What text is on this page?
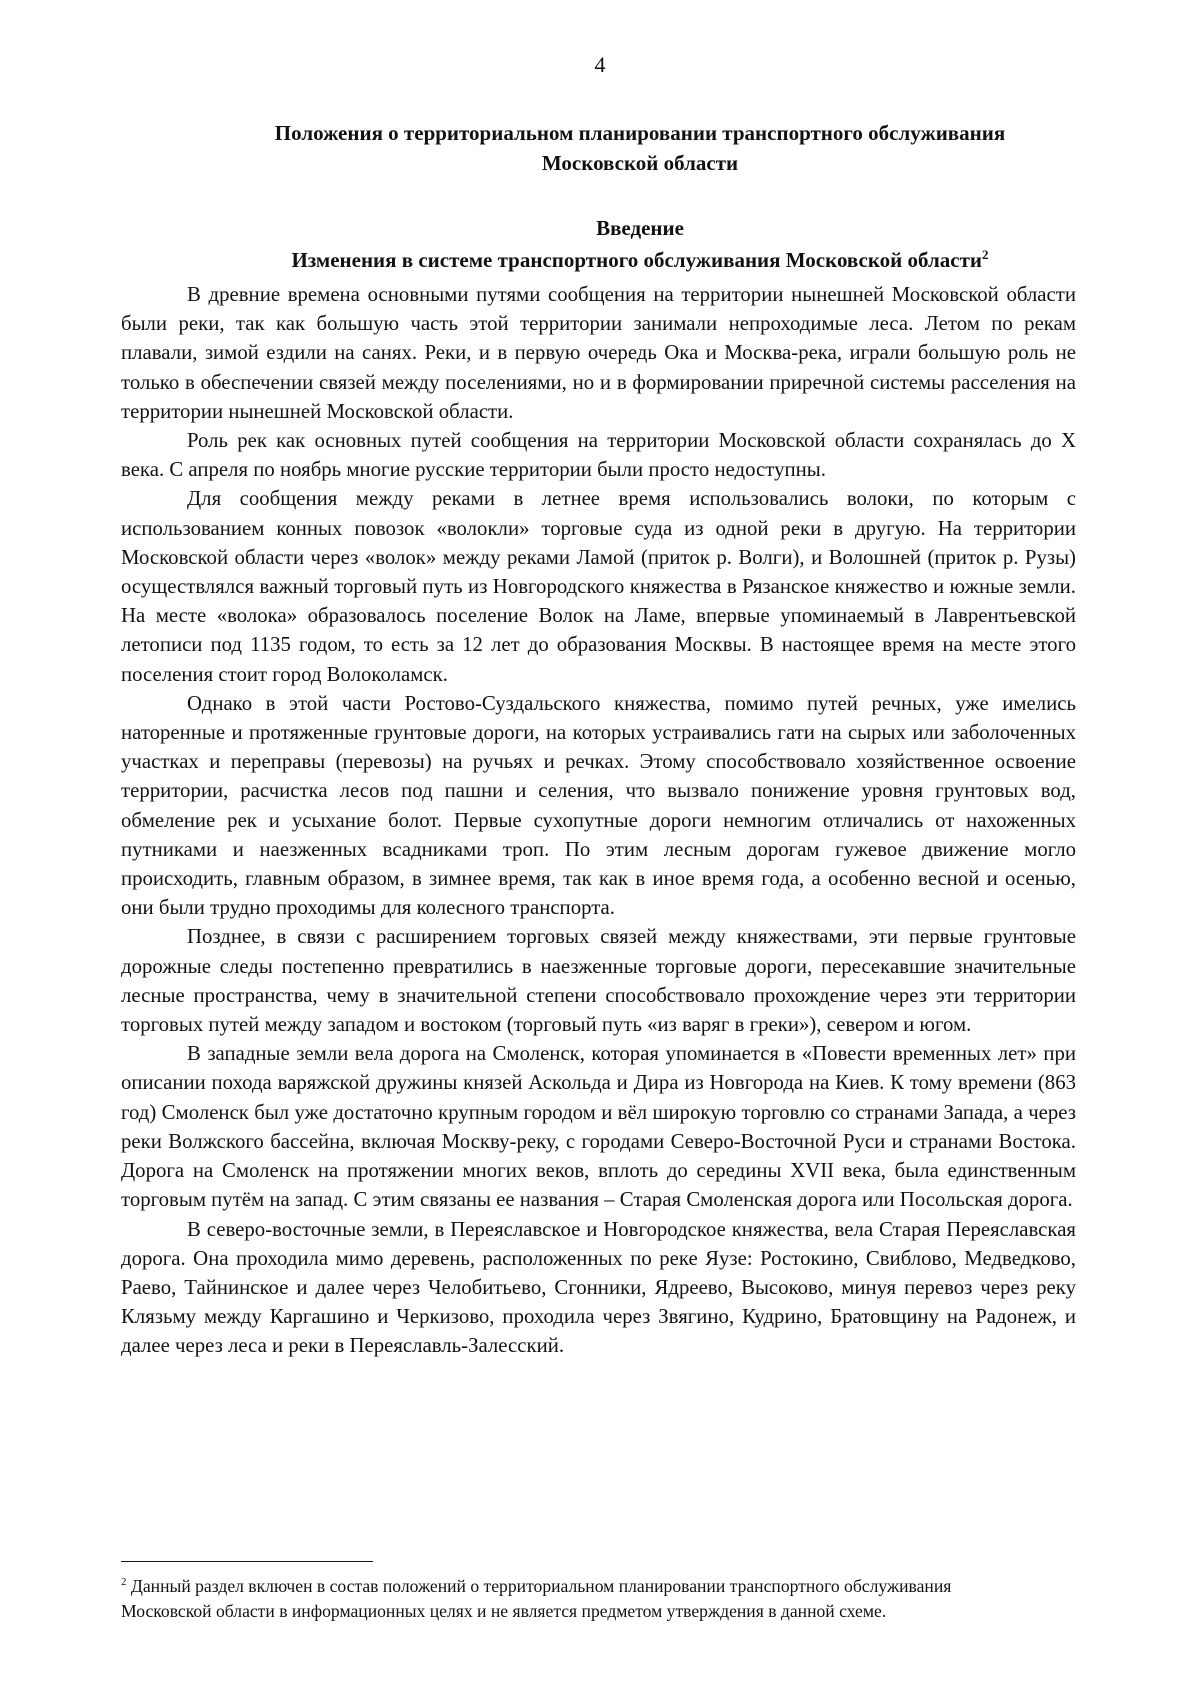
4
Положения о территориальном планировании транспортного обслуживания
Московской области
Введение
Изменения в системе транспортного обслуживания Московской области$^2$

В древние времена основными путями сообщения на территории нынешней Московской области были реки, так как большую часть этой территории занимали непроходимые леса. Летом по рекам плавали, зимой ездили на санях. Реки, и в первую очередь Ока и Москва-река, играли большую роль не только в обеспечении связей между поселениями, но и в формировании приречной системы расселения на территории нынешней Московской области.

Роль рек как основных путей сообщения на территории Московской области сохранялась до X века. С апреля по ноябрь многие русские территории были просто недоступны.

Для сообщения между реками в летнее время использовались волоки, по которым с использованием конных повозок «волокли» торговые суда из одной реки в другую. На территории Московской области через «волок» между реками Ламой (приток р. Волги), и Волошней (приток р. Рузы) осуществлялся важный торговый путь из Новгородского княжества в Рязанское княжество и южные земли. На месте «волока» образовалось поселение Волок на Ламе, впервые упоминаемый в Лаврентьевской летописи под 1135 годом, то есть за 12 лет до образования Москвы. В настоящее время на месте этого поселения стоит город Волоколамск.

Однако в этой части Ростово-Суздальского княжества, помимо путей речных, уже имелись наторенные и протяженные грунтовые дороги, на которых устраивались гати на сырых или заболоченных участках и переправы (перевозы) на ручьях и речках. Этому способствовало хозяйственное освоение территории, расчистка лесов под пашни и селения, что вызвало понижение уровня грунтовых вод, обмеление рек и усыхание болот. Первые сухопутные дороги немногим отличались от нахоженных путниками и наезженных всадниками троп. По этим лесным дорогам гужевое движение могло происходить, главным образом, в зимнее время, так как в иное время года, а особенно весной и осенью, они были трудно проходимы для колесного транспорта.

Позднее, в связи с расширением торговых связей между княжествами, эти первые грунтовые дорожные следы постепенно превратились в наезженные торговые дороги, пересекавшие значительные лесные пространства, чему в значительной степени способствовало прохождение через эти территории торговых путей между западом и востоком (торговый путь «из варяг в греки»), севером и югом.

В западные земли вела дорога на Смоленск, которая упоминается в «Повести временных лет» при описании похода варяжской дружины князей Аскольда и Дира из Новгорода на Киев. К тому времени (863 год) Смоленск был уже достаточно крупным городом и вёл широкую торговлю со странами Запада, а через реки Волжского бассейна, включая Москву-реку, с городами Северо-Восточной Руси и странами Востока. Дорога на Смоленск на протяжении многих веков, вплоть до середины XVII века, была единственным торговым путём на запад. С этим связаны ее названия – Старая Смоленская дорога или Посольская дорога.

В северо-восточные земли, в Переяславское и Новгородское княжества, вела Старая Переяславская дорога. Она проходила мимо деревень, расположенных по реке Яузе: Ростокино, Свиблово, Медведково, Раево, Тайнинское и далее через Челобитьево, Сгонники, Ядреево, Высоково, минуя перевоз через реку Клязьму между Каргашино и Черкизово, проходила через Звягино, Кудрино, Братовщину на Радонеж, и далее через леса и реки в Переяславль-Залесский.

$^2$ Данный раздел включен в состав положений о территориальном планировании транспортного обслуживания
Московской области в информационных целях и не является предметом утверждения в данной схеме.
